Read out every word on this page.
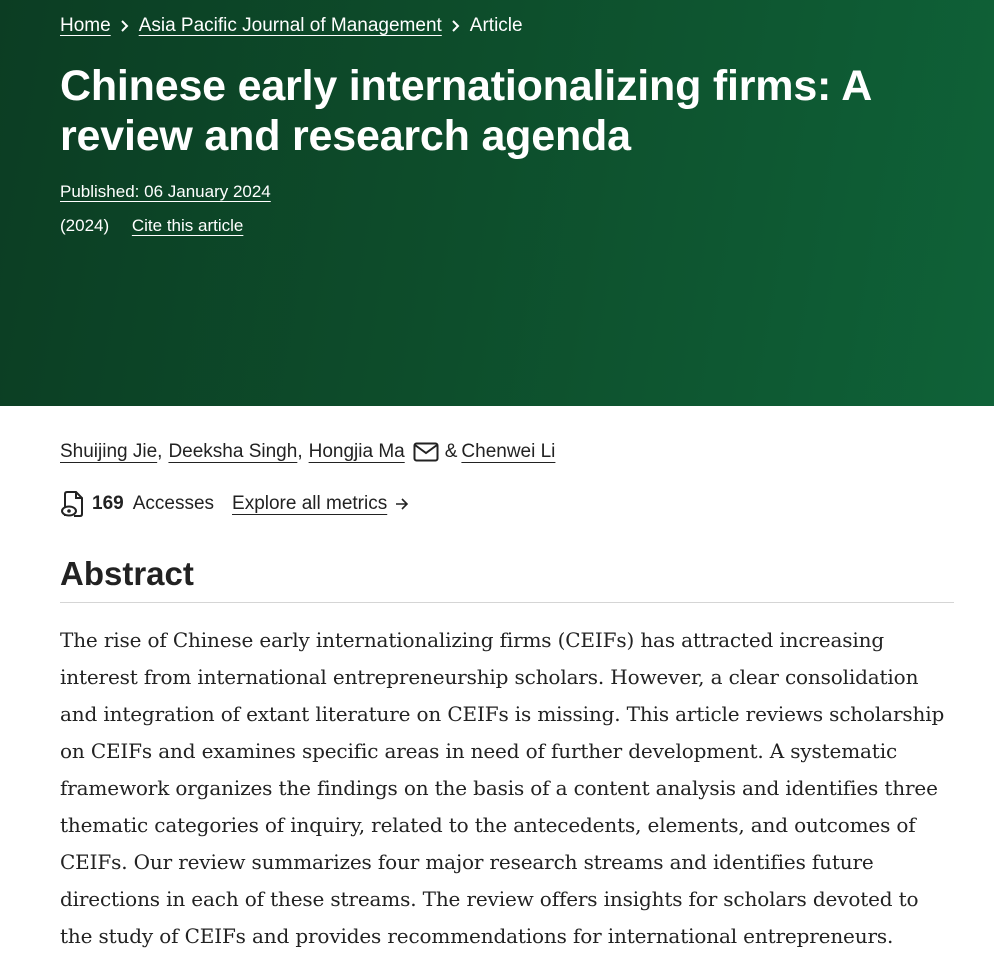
Home Asia Pacific Journal of Management Article
Chinese early internationalizing firms: A review and research agenda
Published: 06 January 2024
(2024) Cite this article
Shuijing Jie , Deeksha Singh , Hongjia Ma & Chenwei Li
169 Accesses Explore all metrics
Abstract

The rise of Chinese early internationalizing firms (CEIFs) has attracted increasing interest from international entrepreneurship scholars. However, a clear consolidation and integration of extant literature on CEIFs is missing. This article reviews scholarship on CEIFs and examines specific areas in need of further development. A systematic framework organizes the findings on the basis of a content analysis and identifies three thematic categories of inquiry, related to the antecedents, elements, and outcomes of CEIFs. Our review summarizes four major research streams and identifies future directions in each of these streams. The review offers insights for scholars devoted to the study of CEIFs and provides recommendations for international entrepreneurs.
